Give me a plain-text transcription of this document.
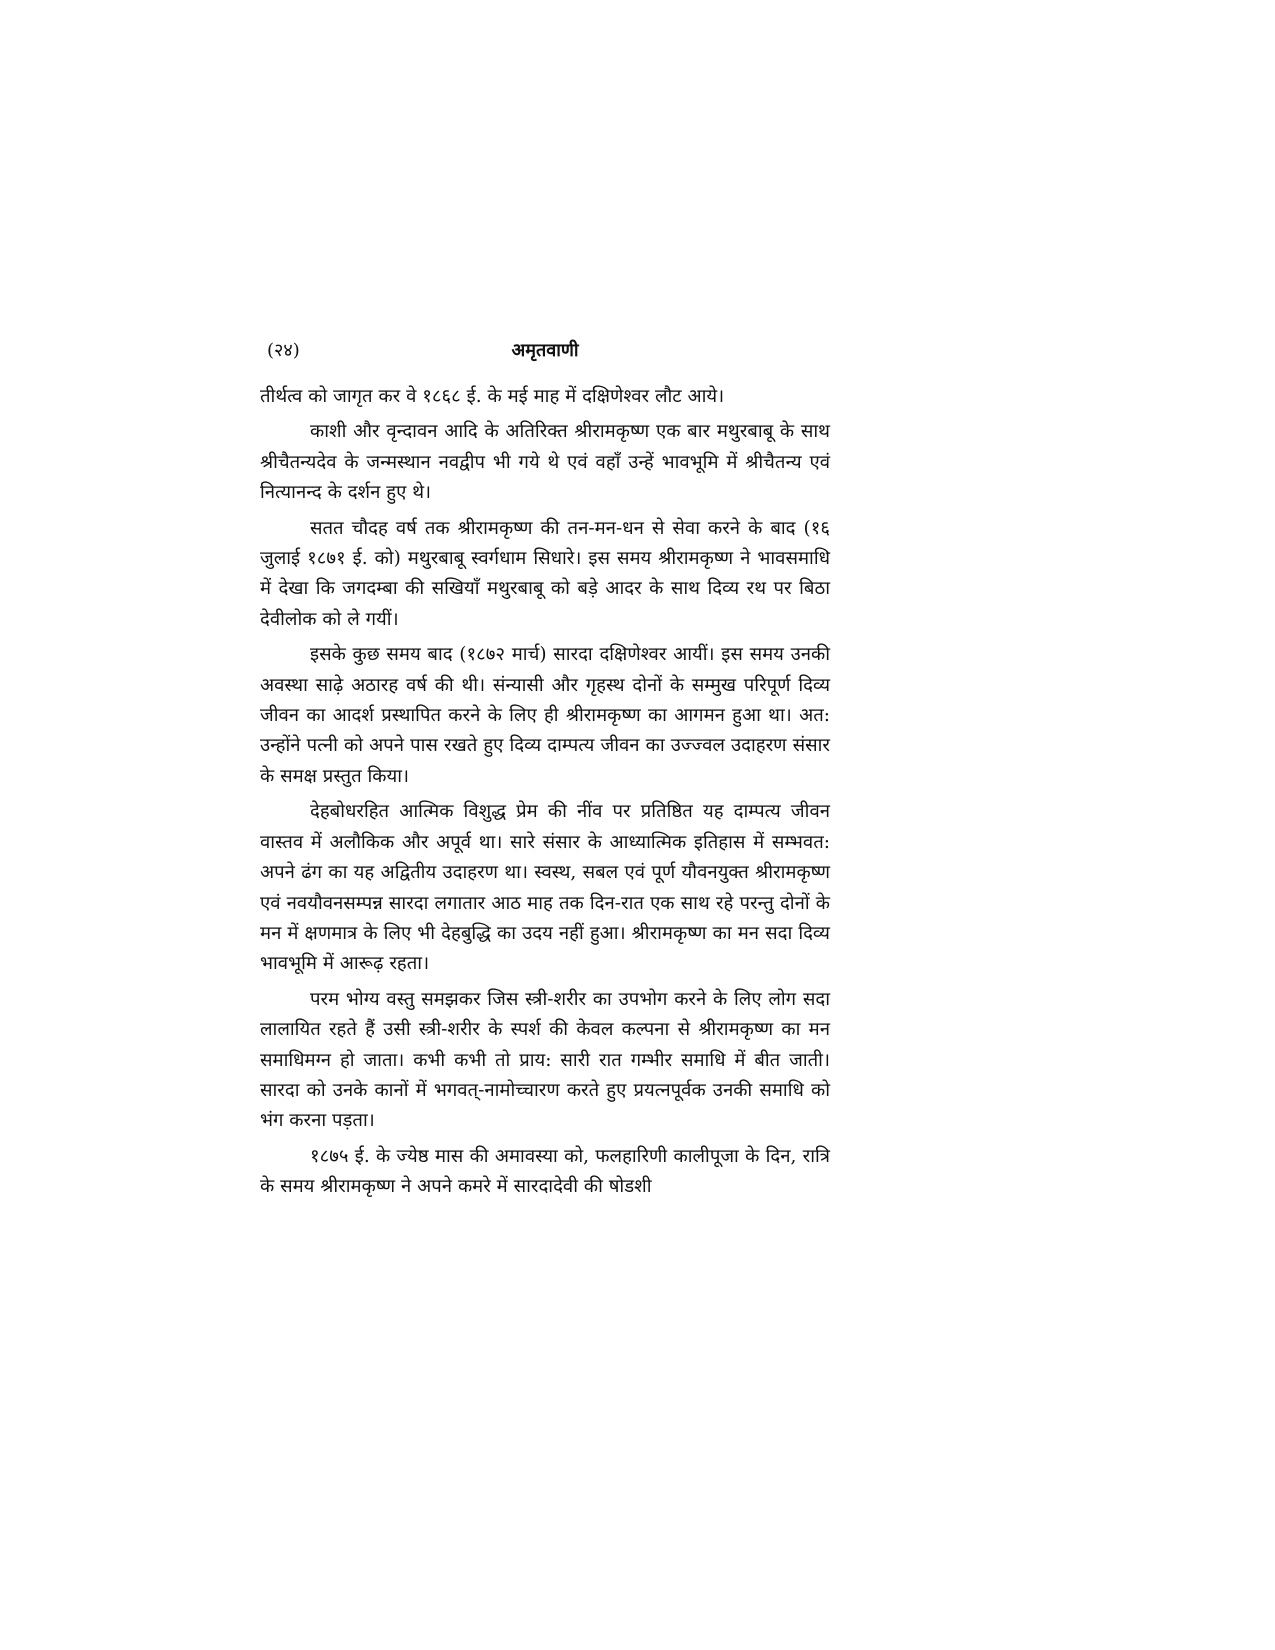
(२४)	अमृतवाणी

तीर्थत्व को जागृत कर वे १८६८ ई. के मई माह में दक्षिणेश्वर लौट आये।

काशी और वृन्दावन आदि के अतिरिक्त श्रीरामकृष्ण एक बार मथुरबाबू के साथ श्रीचैतन्यदेव के जन्मस्थान नवद्वीप भी गये थे एवं वहाँ उन्हें भावभूमि में श्रीचैतन्य एवं नित्यानन्द के दर्शन हुए थे।

सतत चौदह वर्ष तक श्रीरामकृष्ण की तन-मन-धन से सेवा करने के बाद (१६ जुलाई १८७१ ई. को) मथुरबाबू स्वर्गधाम सिधारे। इस समय श्रीरामकृष्ण ने भावसमाधि में देखा कि जगदम्बा की सखियाँ मथुरबाबू को बड़े आदर के साथ दिव्य रथ पर बिठा देवीलोक को ले गयीं।

इसके कुछ समय बाद (१८७२ मार्च) सारदा दक्षिणेश्वर आयीं। इस समय उनकी अवस्था साढ़े अठारह वर्ष की थी। संन्यासी और गृहस्थ दोनों के सम्मुख परिपूर्ण दिव्य जीवन का आदर्श प्रस्थापित करने के लिए ही श्रीरामकृष्ण का आगमन हुआ था। अत: उन्होंने पत्नी को अपने पास रखते हुए दिव्य दाम्पत्य जीवन का उज्ज्वल उदाहरण संसार के समक्ष प्रस्तुत किया।

देहबोधरहित आत्मिक विशुद्ध प्रेम की नींव पर प्रतिष्ठित यह दाम्पत्य जीवन वास्तव में अलौकिक और अपूर्व था। सारे संसार के आध्यात्मिक इतिहास में सम्भवत: अपने ढंग का यह अद्वितीय उदाहरण था। स्वस्थ, सबल एवं पूर्ण यौवनयुक्त श्रीरामकृष्ण एवं नवयौवनसम्पन्न सारदा लगातार आठ माह तक दिन-रात एक साथ रहे परन्तु दोनों के मन में क्षणमात्र के लिए भी देहबुद्धि का उदय नहीं हुआ। श्रीरामकृष्ण का मन सदा दिव्य भावभूमि में आरूढ़ रहता।

परम भोग्य वस्तु समझकर जिस स्त्री-शरीर का उपभोग करने के लिए लोग सदा लालायित रहते हैं उसी स्त्री-शरीर के स्पर्श की केवल कल्पना से श्रीरामकृष्ण का मन समाधिमग्न हो जाता। कभी कभी तो प्राय: सारी रात गम्भीर समाधि में बीत जाती। सारदा को उनके कानों में भगवत्-नामोच्चारण करते हुए प्रयत्नपूर्वक उनकी समाधि को भंग करना पड़ता।

१८७५ ई. के ज्येष्ठ मास की अमावस्या को, फलहारिणी कालीपूजा के दिन, रात्रि के समय श्रीरामकृष्ण ने अपने कमरे में सारदादेवी की षोडशी
